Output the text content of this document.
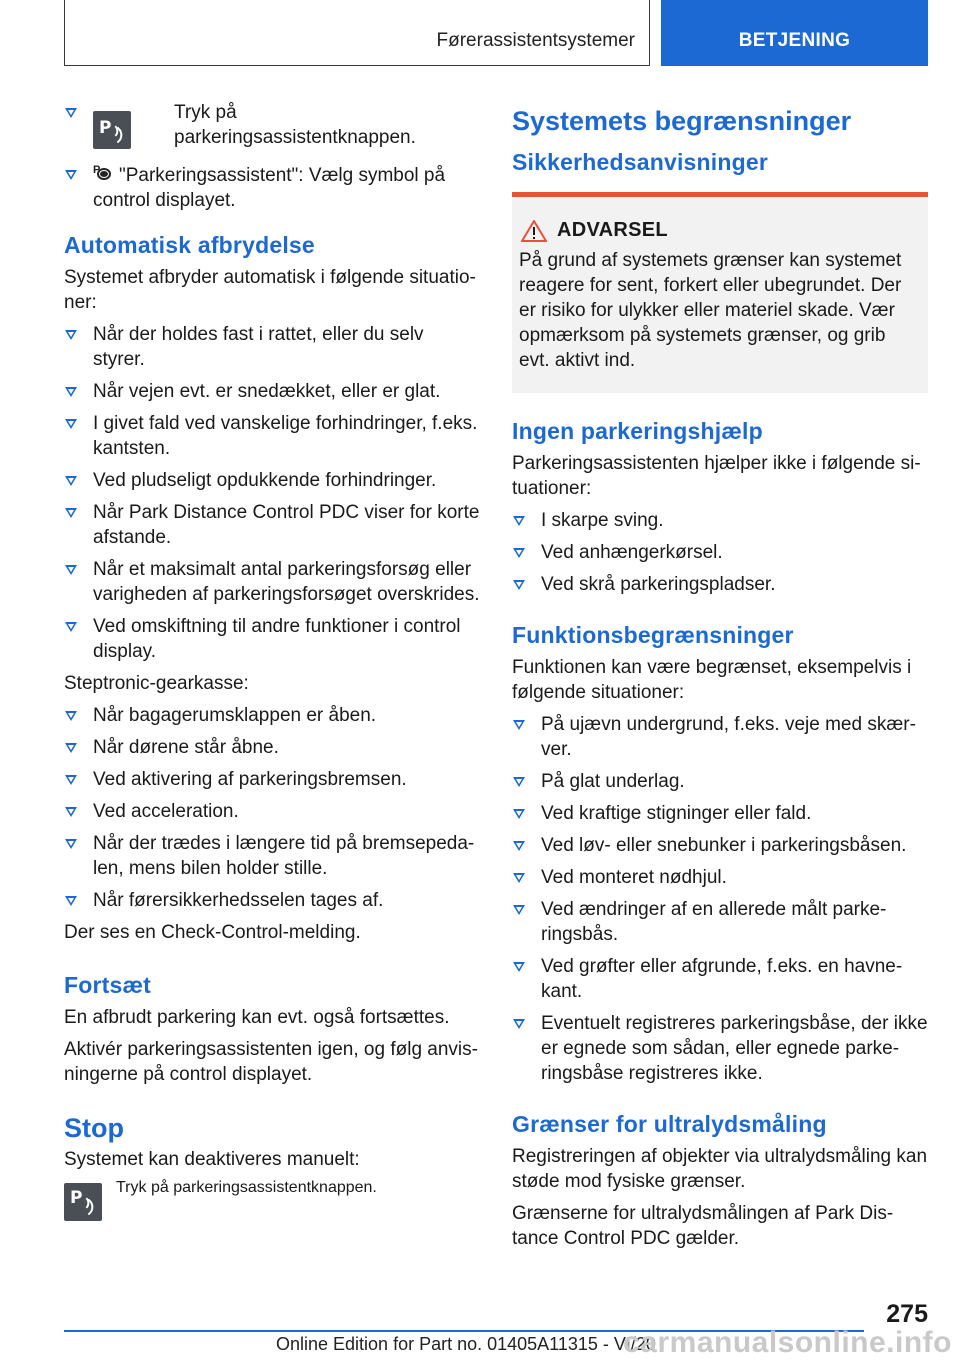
Førerassistentsystemer	BETJENING
P
Tryk på parkeringsassistentknappen.
P "Parkeringsassistent": Vælg symbol på control displayet.
Automatisk afbrydelse

Systemet afbryder automatisk i følgende situationer:

Når der holdes fast i rattet, eller du selv styrer.
Når vejen evt. er snedækket, eller er glat.
I givet fald ved vanskelige forhindringer, f.eks. kantsten.
Ved pludseligt opdukkende forhindringer.
Når Park Distance Control PDC viser for korte afstande.
Når et maksimalt antal parkeringsforsøg eller varigheden af parkeringsforsøget overskrides.
Ved omskiftning til andre funktioner i control display.

Steptronic-gearkasse:

Når bagagerumsklappen er åben.
Når dørene står åbne.
Ved aktivering af parkeringsbremsen.
Ved acceleration.
Når der trædes i længere tid på bremsepedalen, mens bilen holder stille.
Når førersikkerhedsselen tages af.

Der ses en Check-Control-melding.

Fortsæt

En afbrudt parkering kan evt. også fortsættes.

Aktivér parkeringsassistenten igen, og følg anvisningerne på control displayet.

Stop

Systemet kan deaktiveres manuelt:

P
Tryk på parkeringsassistentknappen.
Systemets begrænsninger
Sikkerhedsanvisninger
ADVARSEL

På grund af systemets grænser kan systemet reagere for sent, forkert eller ubegrundet. Der er risiko for ulykker eller materiel skade. Vær opmærksom på systemets grænser, og grib evt. aktivt ind.

Ingen parkeringshjælp

Parkeringsassistenten hjælper ikke i følgende situationer:

I skarpe sving.
Ved anhængerkørsel.
Ved skrå parkeringspladser.
Funktionsbegrænsninger

Funktionen kan være begrænset, eksempelvis i følgende situationer:

På ujævn undergrund, f.eks. veje med skærver.
På glat underlag.
Ved kraftige stigninger eller fald.
Ved løv- eller snebunker i parkeringsbåsen.
Ved monteret nødhjul.
Ved ændringer af en allerede målt parkeringsbås.
Ved grøfter eller afgrunde, f.eks. en havnekant.
Eventuelt registreres parkeringsbåse, der ikke er egnede som sådan, eller egnede parkeringsbåse registreres ikke.
Grænser for ultralydsmåling

Registreringen af objekter via ultralydsmåling kan støde mod fysiske grænser.

Grænserne for ultralydsmålingen af Park Distance Control PDC gælder.

275
Online Edition for Part no. 01405A11315 - VI/20
carmanualsonline.info
